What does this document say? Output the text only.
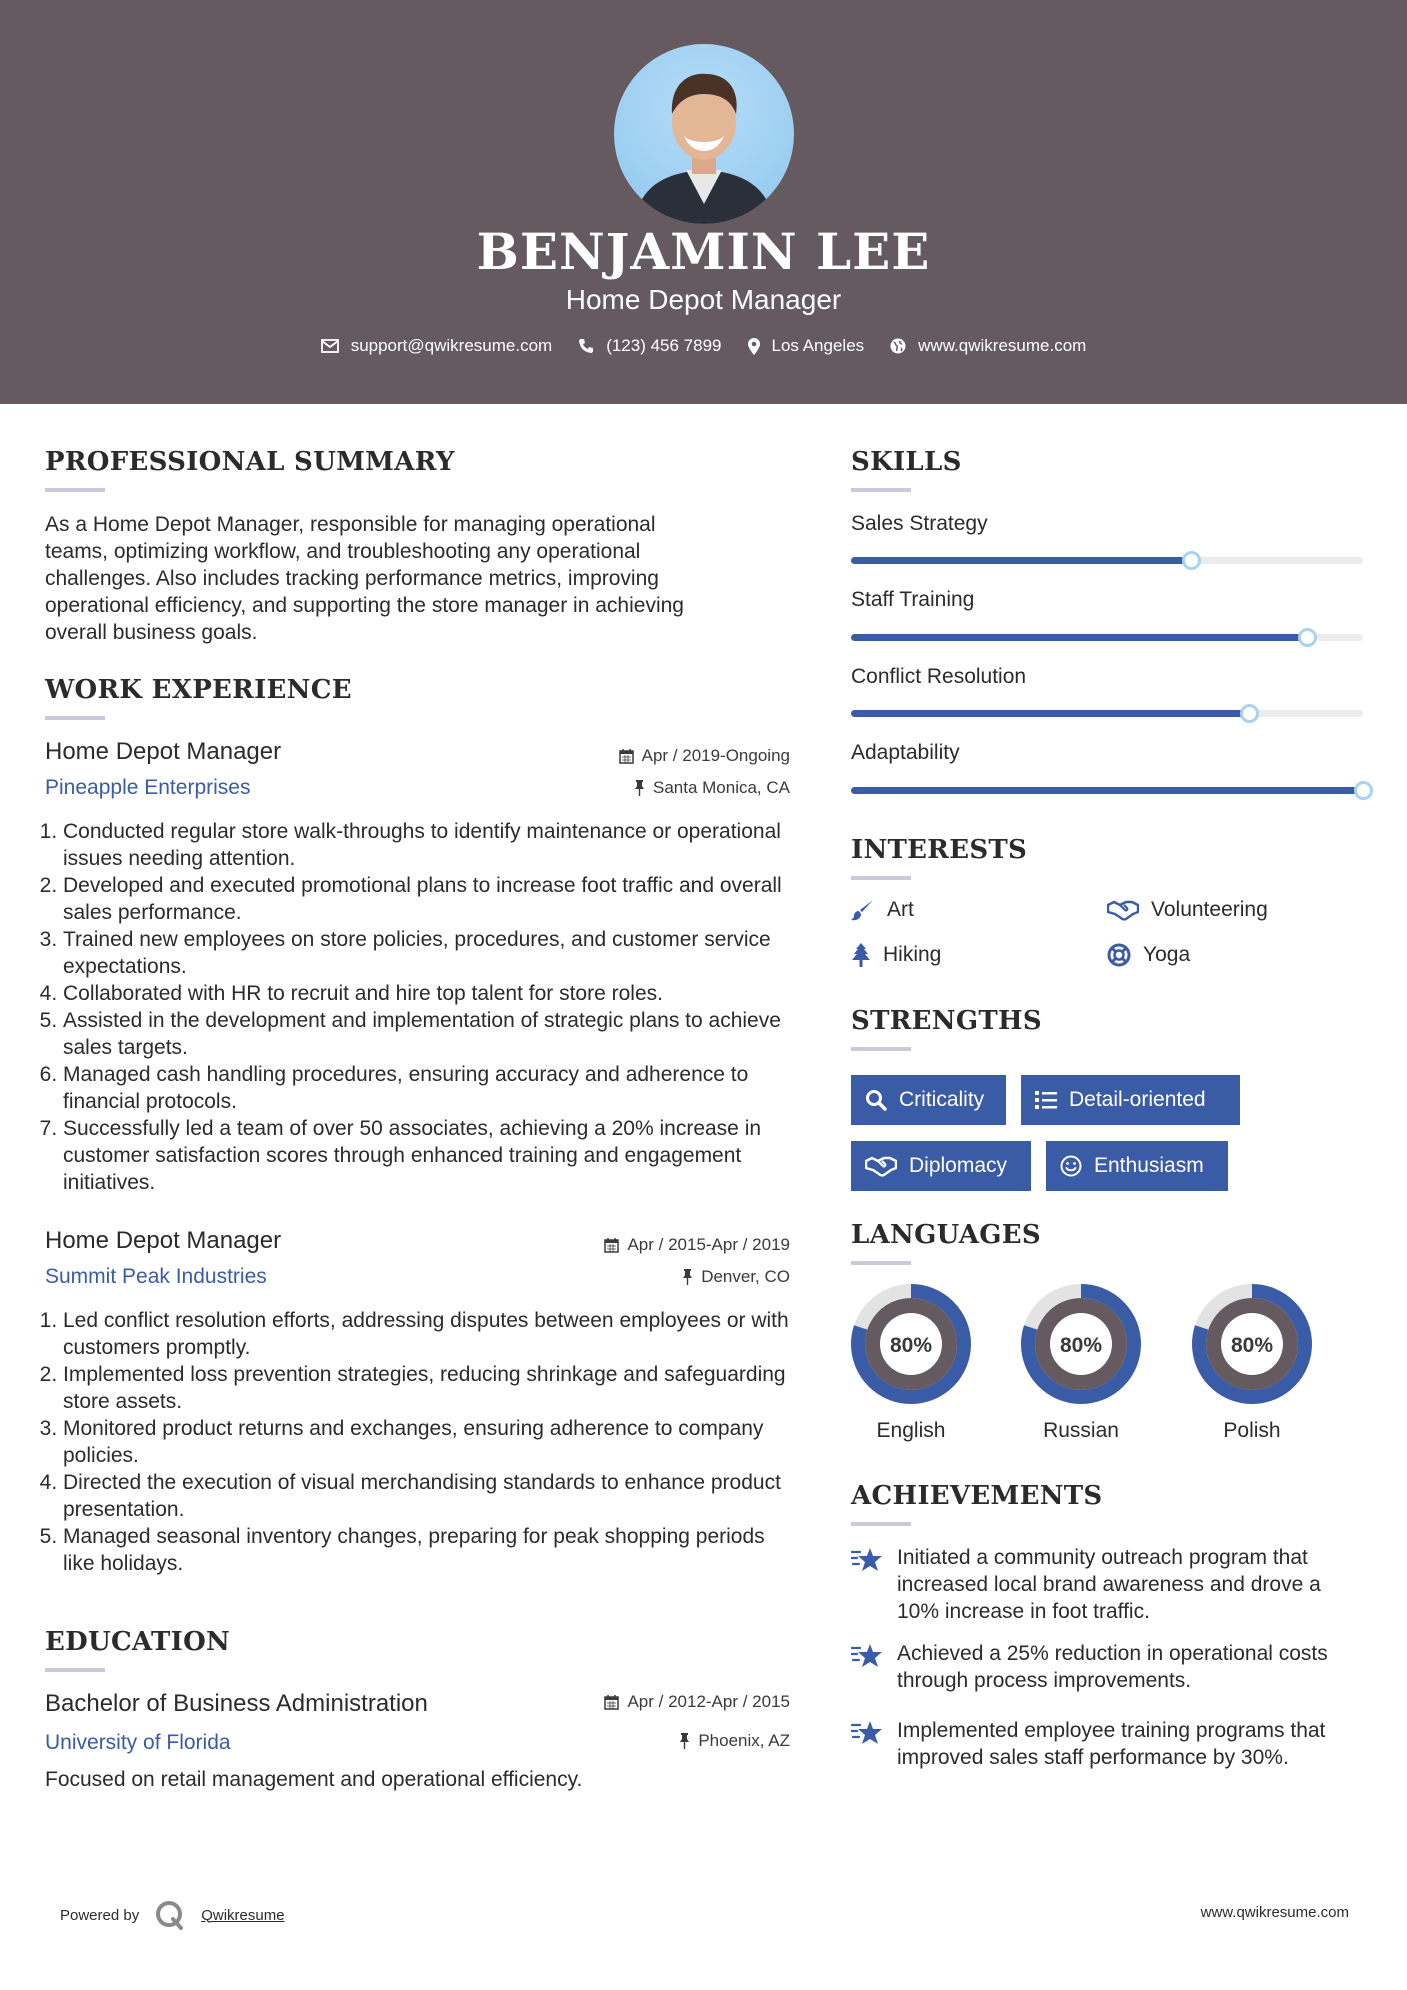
BENJAMIN LEE
Home Depot Manager
support@qwikresume.com	(123) 456 7899	Los Angeles	www.qwikresume.com
PROFESSIONAL SUMMARY
As a Home Depot Manager, responsible for managing operational
teams, optimizing workflow, and troubleshooting any operational
challenges. Also includes tracking performance metrics, improving
operational efficiency, and supporting the store manager in achieving
overall business goals.
WORK EXPERIENCE
Home Depot Manager	Apr / 2019-Ongoing
Pineapple Enterprises	Santa Monica, CA
1. Conducted regular store walk-throughs to identify maintenance or operational issues needing attention.
2. Developed and executed promotional plans to increase foot traffic and overall sales performance.
3. Trained new employees on store policies, procedures, and customer service expectations.
4. Collaborated with HR to recruit and hire top talent for store roles.
5. Assisted in the development and implementation of strategic plans to achieve sales targets.
6. Managed cash handling procedures, ensuring accuracy and adherence to financial protocols.
7. Successfully led a team of over 50 associates, achieving a 20% increase in customer satisfaction scores through enhanced training and engagement initiatives.
Home Depot Manager	Apr / 2015-Apr / 2019
Summit Peak Industries	Denver, CO
1. Led conflict resolution efforts, addressing disputes between employees or with customers promptly.
2. Implemented loss prevention strategies, reducing shrinkage and safeguarding store assets.
3. Monitored product returns and exchanges, ensuring adherence to company policies.
4. Directed the execution of visual merchandising standards to enhance product presentation.
5. Managed seasonal inventory changes, preparing for peak shopping periods like holidays.
EDUCATION
Bachelor of Business Administration	Apr / 2012-Apr / 2015
University of Florida	Phoenix, AZ
Focused on retail management and operational efficiency.
SKILLS
Sales Strategy
Staff Training
Conflict Resolution
Adaptability
INTERESTS
Art	Volunteering
Hiking	Yoga
STRENGTHS
Criticality	Detail-oriented
Diplomacy	Enthusiasm
LANGUAGES
80%
English
80%
Russian
80%
Polish
ACHIEVEMENTS
Initiated a community outreach program that increased local brand awareness and drove a 10% increase in foot traffic.
Achieved a 25% reduction in operational costs through process improvements.
Implemented employee training programs that improved sales staff performance by 30%.
Powered by	Qwikresume	www.qwikresume.com
